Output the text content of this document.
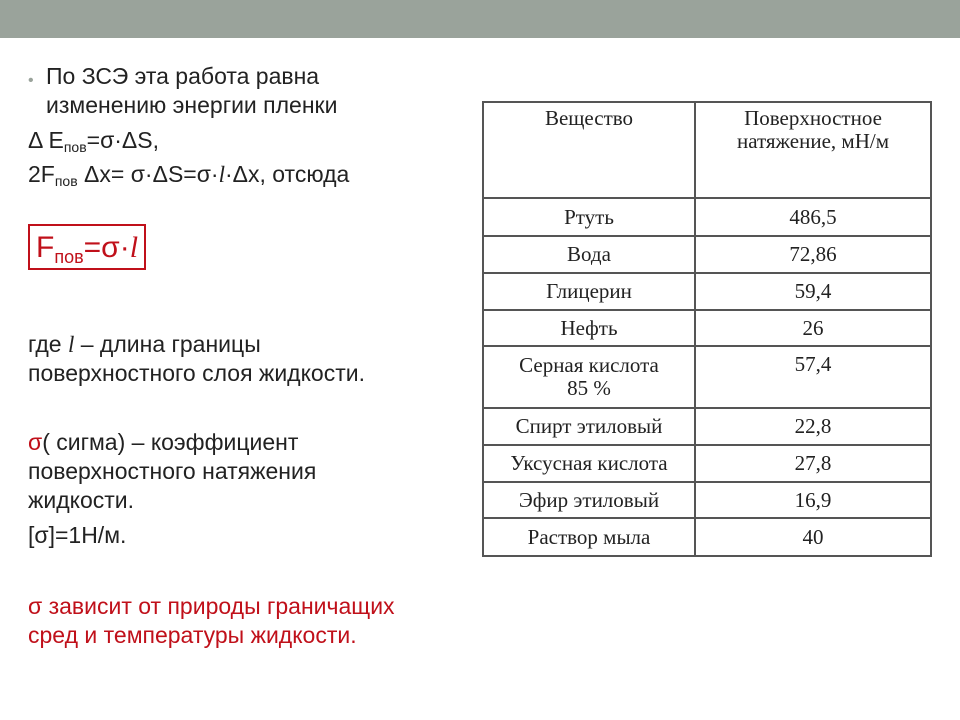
• По ЗСЭ эта работа равна
изменению энергии пленки
Δ $E_{пов}=\sigma\cdot\Delta S$,
$2F_{пов}$ Δx= σ·ΔS=σ·l·Δx, отсюда
$F_{пов}=\sigma\cdot l$
где l – длина границы
поверхностного слоя жидкости.
σ( сигма) – коэффициент
поверхностного натяжения
жидкости.
[σ]=1Н/м.
σ зависит от природы граничащих
сред и температуры жидкости.
Вещество	Поверхностное
натяжение, мН/м

Ртуть	486,5
Вода	72,86
Глицерин	59,4
Нефть	26

Серная кислота
85 %	57,4
Спирт этиловый	22,8
Уксусная кислота	27,8
Эфир этиловый	16,9
Раствор мыла	40
